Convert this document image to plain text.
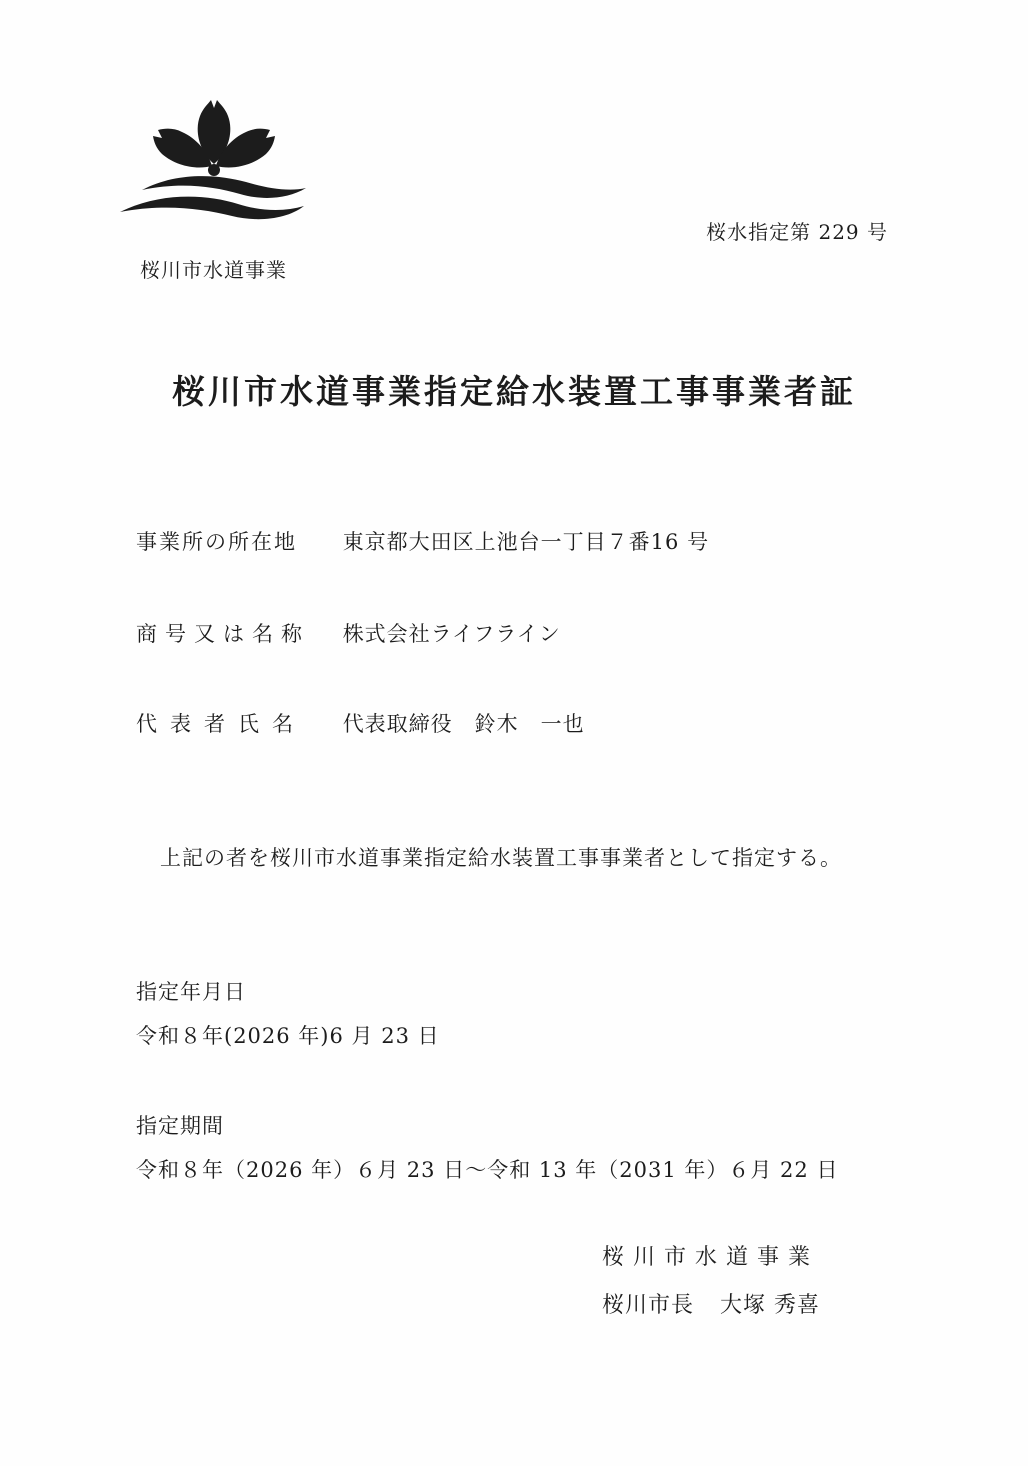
桜川市水道事業
桜水指定第 229 号
桜川市水道事業指定給水装置工事事業者証
事業所の所在地 東京都大田区上池台一丁目７番16 号
商号又は名称 株式会社ライフライン
代表者氏名 代表取締役　鈴木　一也
上記の者を桜川市水道事業指定給水装置工事事業者として指定する。
指定年月日
令和８年(2026 年)6 月 23 日
指定期間
令和８年（2026 年）６月 23 日～令和 13 年（2031 年）６月 22 日
桜川市水道事業
桜川市長 大塚 秀喜
